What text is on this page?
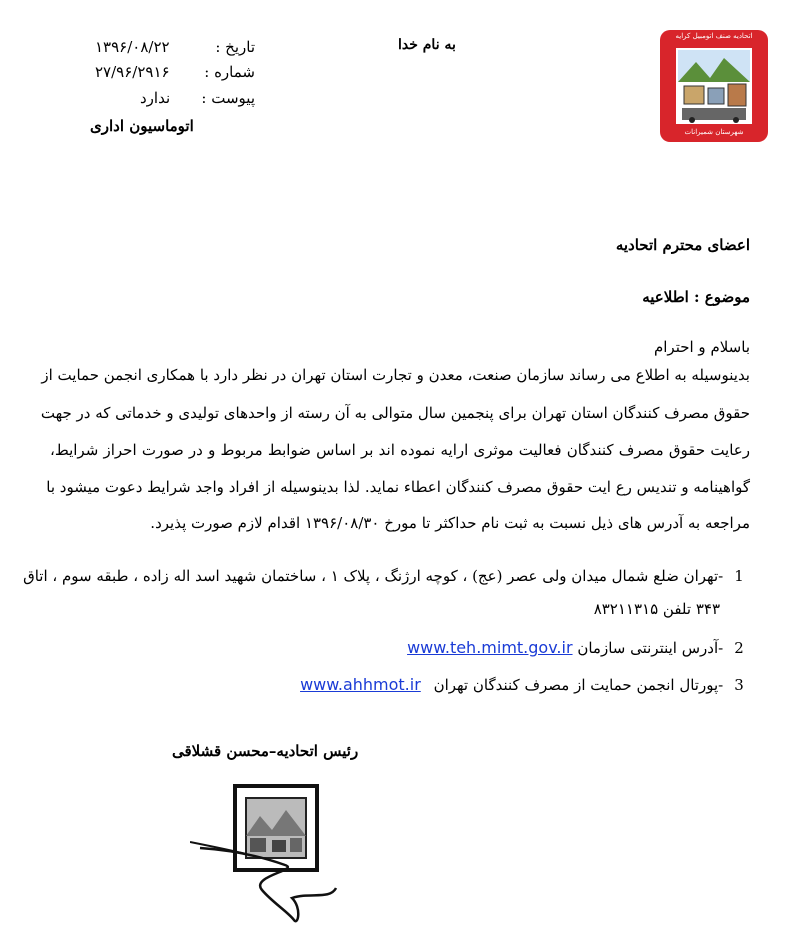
اتحادیه صنف اتومبیل کرایه
شهرستان شمیرانات
تاریخ :
۱۳۹۶/۰۸/۲۲
شماره :
۲۷/۹۶/۲۹۱۶
پیوست :
ندارد
اتوماسیون اداری
به نام خدا
اعضای محترم اتحادیه
موضوع : اطلاعیه
باسلام و احترام
بدینوسیله به اطلاع می رساند سازمان صنعت، معدن و تجارت استان تهران در نظر دارد با همکاری انجمن حمایت از
حقوق مصرف کنندگان استان تهران برای پنجمین سال متوالی به آن رسته از واحدهای تولیدی و خدماتی که در جهت
رعایت حقوق مصرف کنندگان فعالیت موثری ارایه نموده اند بر اساس ضوابط مربوط و در صورت احراز شرایط،
گواهینامه و تندیس رع ایت حقوق مصرف کنندگان اعطاء نماید. لذا بدینوسیله از افراد واجد شرایط دعوت میشود با
مراجعه به آدرس های ذیل نسبت به ثبت نام حداکثر تا مورخ ۱۳۹۶/۰۸/۳۰ اقدام لازم صورت پذیرد.
1 -تهران ضلع شمال میدان ولی عصر (عج) ، کوچه ارژنگ ، پلاک ۱ ، ساختمان شهید اسد اله زاده ، طبقه سوم ، اتاق
۳۴۳ تلفن ۸۳۲۱۱۳۱۵
2 -آدرس اینترنتی سازمان www.teh.mimt.gov.ir
3 -پورتال انجمن حمایت از مصرف کنندگان تهران www.ahhmot.ir
رئیس اتحادیه–محسن قشلاقی
